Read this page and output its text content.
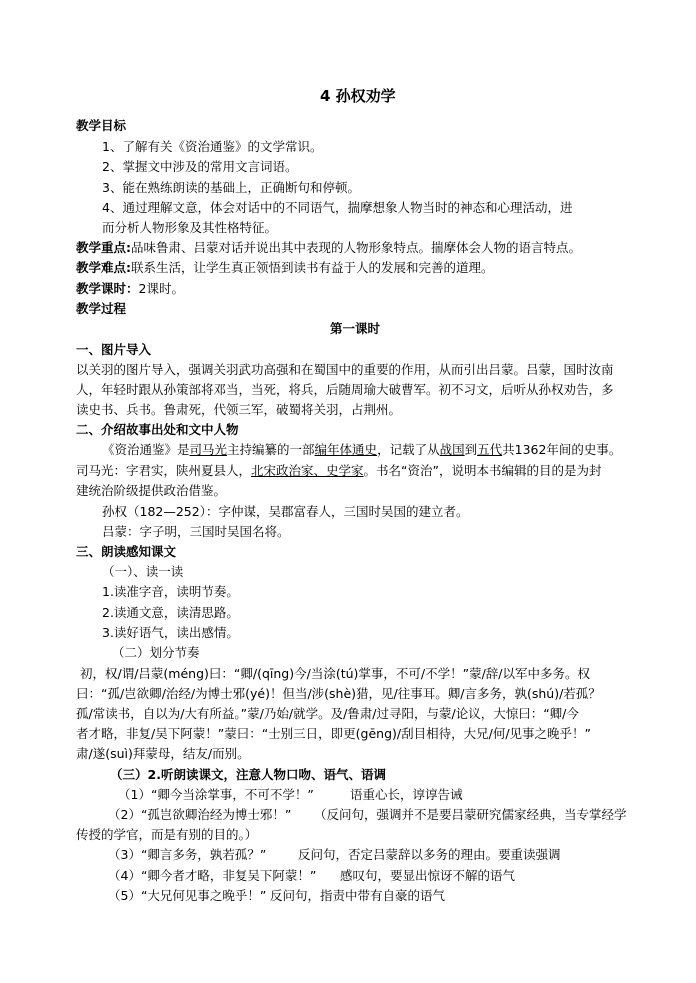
4 孙权劝学
教学目标
1、了解有关《资治通鉴》的文学常识。
2、掌握文中涉及的常用文言词语。
3、能在熟练朗读的基础上，正确断句和停顿。
4、通过理解文意，体会对话中的不同语气，揣摩想象人物当时的神态和心理活动，进
而分析人物形象及其性格特征。
教学重点:品味鲁肃、吕蒙对话并说出其中表现的人物形象特点。揣摩体会人物的语言特点。
教学难点:联系生活，让学生真正领悟到读书有益于人的发展和完善的道理。
教学课时：2课时。
教学过程
第一课时
一、图片导入
以关羽的图片导入，强调关羽武功高强和在蜀国中的重要的作用，从而引出吕蒙。吕蒙，国时汝南
人，年轻时跟从孙策部将邓当，当死，将兵，后随周瑜大破曹军。初不习文，后听从孙权劝告，多
读史书、兵书。鲁肃死，代领三军，破蜀将关羽，占荆州。
二、介绍故事出处和文中人物
《资治通鉴》是司马光主持编纂的一部编年体通史，记载了从战国到五代共1362年间的史事。
司马光：字君实，陕州夏县人，北宋政治家、史学家。书名“资治”，说明本书编辑的目的是为封
建统治阶级提供政治借鉴。
孙权（182—252）：字仲谋，吴郡富春人，三国时吴国的建立者。
吕蒙：字子明，三国时吴国名将。
三、朗读感知课文
（一）、读一读
1.读准字音，读明节奏。
2.读通文意，读清思路。
3.读好语气，读出感情。
（二）划分节奏
初，权/谓/吕蒙(méng)曰：“卿/(qīng)今/当涂(tú)掌事，不可/不学！”蒙/辞/以军中多务。权
曰：“孤/岂欲卿/治经/为博士邪(yé)！但当/涉(shè)猎，见/往事耳。卿/言多务，孰(shú)/若孤？
孤/常读书，自以为/大有所益。”蒙/乃始/就学。及/鲁肃/过寻阳，与蒙/论议，大惊曰：“卿/今
者才略，非复/吴下阿蒙！”蒙曰：“士别三日，即更(gēng)/刮目相待，大兄/何/见事之晚乎！”
肃/遂(suì)拜蒙母，结友/而别。
（三）2.听朗读课文，注意人物口吻、语气、语调
（1）“卿今当涂掌事，不可不学！”	语重心长，谆谆告诫
（2）“孤岂欲卿治经为博士邪！” （反问句，强调并不是要吕蒙研究儒家经典，当专掌经学
传授的学官，而是有别的目的。）
（3）“卿言多务，孰若孤？”	反问句，否定吕蒙辞以多务的理由。要重读强调
（4）“卿今者才略，非复吴下阿蒙！” 感叹句，要显出惊讶不解的语气
（5）“大兄何见事之晚乎！” 反问句，指责中带有自豪的语气
